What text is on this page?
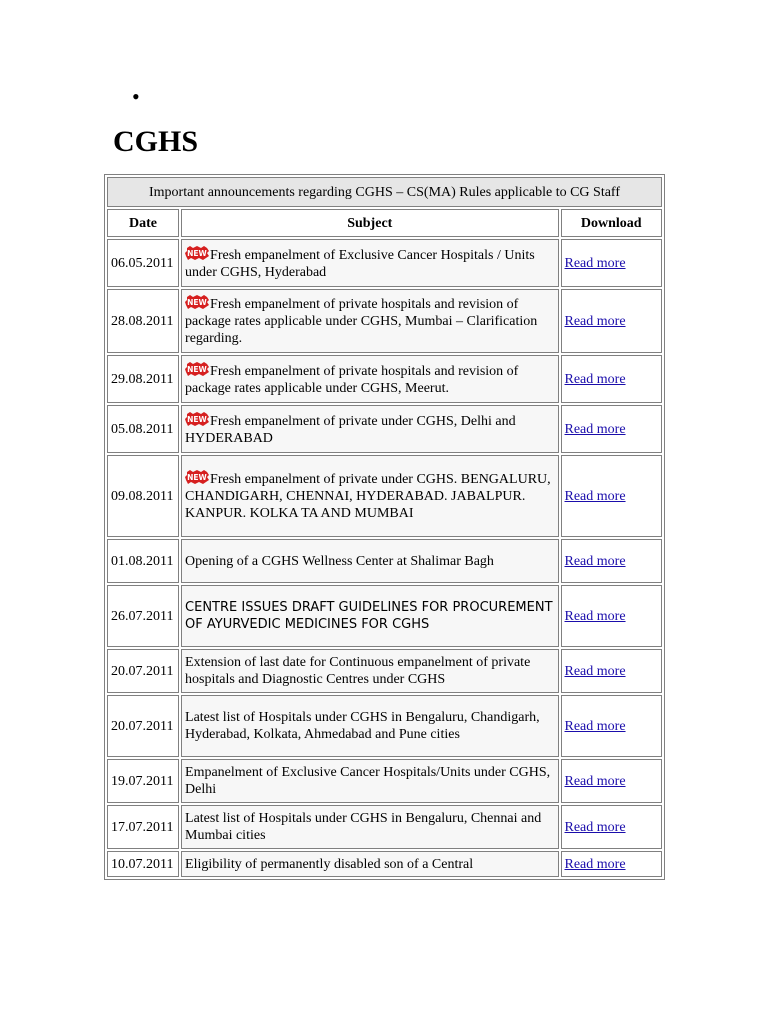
•
CGHS
Important announcements regarding CGHS – CS(MA) Rules applicable to CG Staff		
Date	Subject	Download
06.05.2011	Fresh empanelment of Exclusive Cancer Hospitals / Units under CGHS, Hyderabad	Read more
28.08.2011	Fresh empanelment of private hospitals and revision of package rates applicable under CGHS, Mumbai – Clarification regarding.	Read more
29.08.2011	Fresh empanelment of private hospitals and revision of package rates applicable under CGHS, Meerut.	Read more
05.08.2011	Fresh empanelment of private under CGHS, Delhi and HYDERABAD	Read more
09.08.2011	Fresh empanelment of private under CGHS. BENGALURU, CHANDIGARH, CHENNAI, HYDERABAD. JABALPUR. KANPUR. KOLKA TA AND MUMBAI	Read more
01.08.2011	Opening of a CGHS Wellness Center at Shalimar Bagh	Read more
26.07.2011	CENTRE ISSUES DRAFT GUIDELINES FOR PROCUREMENT OF AYURVEDIC MEDICINES FOR CGHS	Read more
20.07.2011	Extension of last date for Continuous empanelment of private hospitals and Diagnostic Centres under CGHS	Read more
20.07.2011	Latest list of Hospitals under CGHS in Bengaluru, Chandigarh, Hyderabad, Kolkata, Ahmedabad and Pune cities	Read more
19.07.2011	Empanelment of Exclusive Cancer Hospitals/Units under CGHS, Delhi	Read more
17.07.2011	Latest list of Hospitals under CGHS in Bengaluru, Chennai and Mumbai cities	Read more
10.07.2011	Eligibility of permanently disabled son of a Central	Read more
